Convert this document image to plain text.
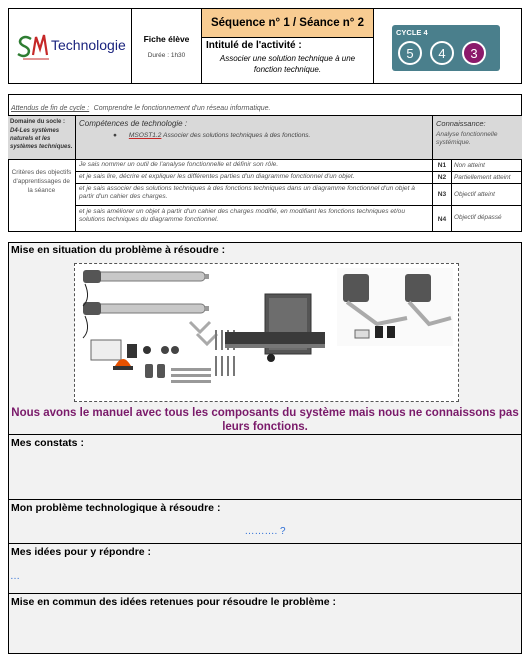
Technologie Fiche élève
Durée : 1h30
Séquence n° 1 / Séance n° 2
Intitulé de l'activité :
Associer une solution technique à une fonction technique.
CYCLE 4
5	4	3
Attendus de fin de cycle : Comprendre le fonctionnement d'un réseau informatique.
Domaine du socle :
D4-Les systèmes naturels et les systèmes techniques.
Compétences de technologie :
● MSOST1.2 Associer des solutions techniques à des fonctions.
Connaissance:
Analyse fonctionnelle systémique.
Critères des objectifs d'apprentissages de la séance
Je sais nommer un outil de l'analyse fonctionnelle et définir son rôle.
et je sais lire, décrire et expliquer les différentes parties d'un diagramme fonctionnel d'un objet.
et je sais associer des solutions techniques à des fonctions techniques dans un diagramme fonctionnel d'un objet à partir d'un cahier des charges.
et je sais améliorer un objet à partir d'un cahier des charges modifié, en modifiant les fonctions techniques et/ou solutions techniques du diagramme fonctionnel.
N1
N2
N3
N4
Non atteint
Partiellement atteint
Objectif atteint
Objectif dépassé
Mise en situation du problème à résoudre :
Nous avons le manuel avec tous les composants du système mais nous ne connaissons pas leurs fonctions.
Mes constats :
Mon problème technologique à résoudre :
………. ?
Mes idées pour y répondre :
…
Mise en commun des idées retenues pour résoudre le problème :
